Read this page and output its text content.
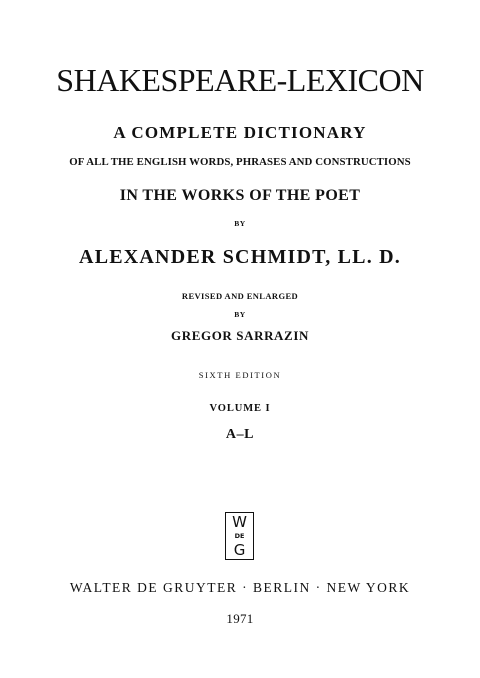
SHAKESPEARE-LEXICON
A COMPLETE DICTIONARY
OF ALL THE ENGLISH WORDS, PHRASES AND CONSTRUCTIONS
IN THE WORKS OF THE POET
BY
ALEXANDER SCHMIDT, LL. D.
REVISED AND ENLARGED
BY
GREGOR SARRAZIN
SIXTH EDITION
VOLUME I
A–L
W
DE
G
WALTER DE GRUYTER · BERLIN · NEW YORK
1971
